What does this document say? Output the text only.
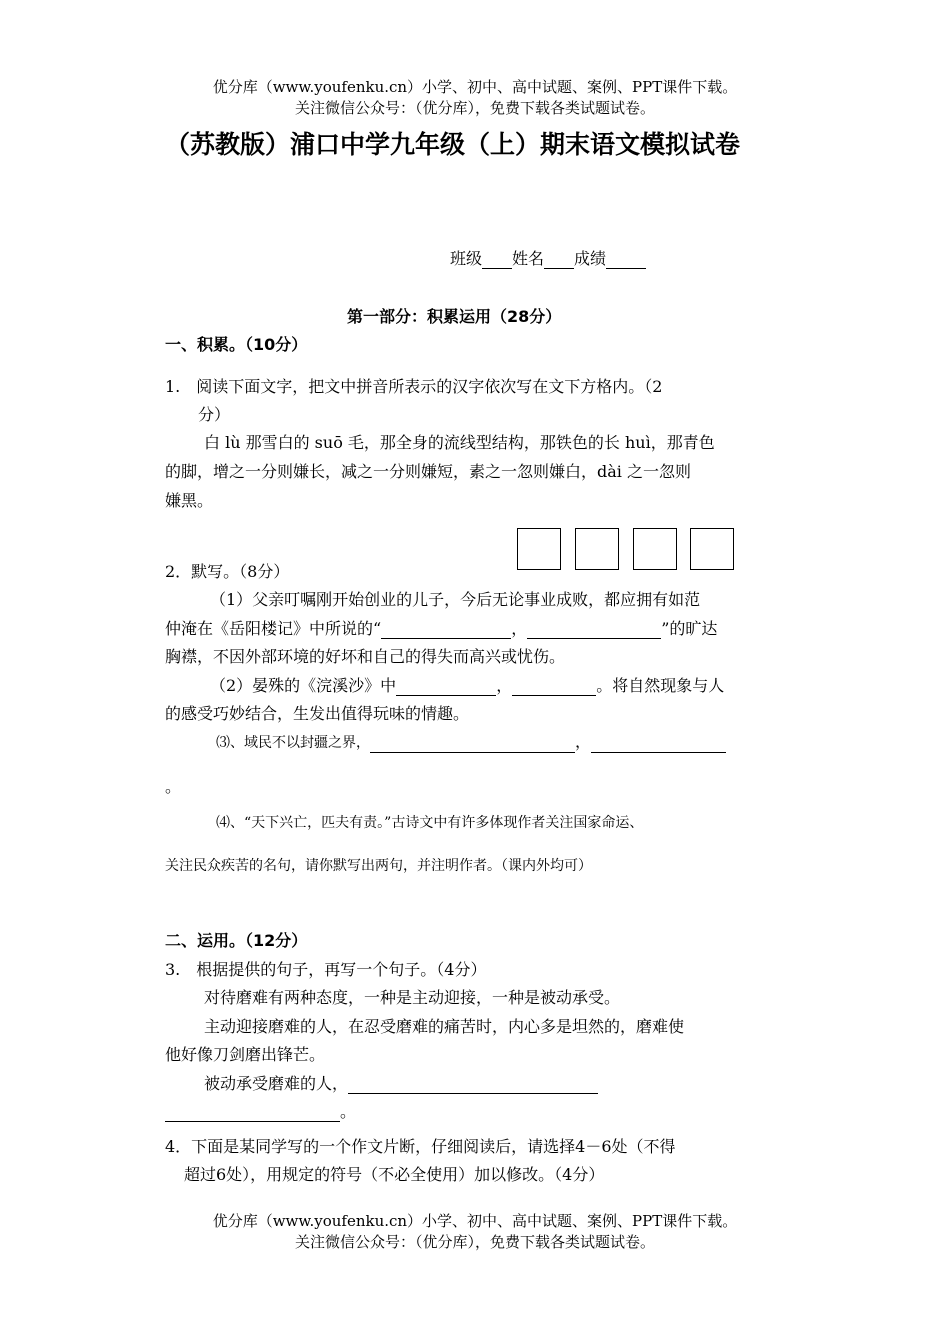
优分库（www.youfenku.cn）小学、初中、高中试题、案例、PPT课件下载。
关注微信公众号：（优分库），免费下载各类试题试卷。
（苏教版）浦口中学九年级（上）期末语文模拟试卷
班级 姓名 成绩
第一部分：积累运用（28分）
一、积累。（10分）
1.　阅读下面文字，把文中拼音所表示的汉字依次写在文下方格内。（2
分）
白 lù 那雪白的 suō 毛，那全身的流线型结构，那铁色的长 huì，那青色
的脚，增之一分则嫌长，减之一分则嫌短，素之一忽则嫌白，dài 之一忽则
嫌黑。
2．默写。（8分）
（1）父亲叮嘱刚开始创业的儿子，今后无论事业成败，都应拥有如范
仲淹在《岳阳楼记》中所说的“	，	”的旷达
胸襟，不因外部环境的好坏和自己的得失而高兴或忧伤。
（2）晏殊的《浣溪沙》中	，	。将自然现象与人
的感受巧妙结合，生发出值得玩味的情趣。
⑶、域民不以封疆之界，	，
。
⑷、“天下兴亡，匹夫有责。”古诗文中有许多体现作者关注国家命运、
关注民众疾苦的名句，请你默写出两句，并注明作者。（课内外均可）
二、运用。（12分）
3.　根据提供的句子，再写一个句子。（4分）
对待磨难有两种态度，一种是主动迎接，一种是被动承受。
主动迎接磨难的人，在忍受磨难的痛苦时，内心多是坦然的，磨难使
他好像刀剑磨出锋芒。
被动承受磨难的人，
。
4．下面是某同学写的一个作文片断，仔细阅读后，请选择4－6处（不得
超过6处），用规定的符号（不必全使用）加以修改。（4分）
优分库（www.youfenku.cn）小学、初中、高中试题、案例、PPT课件下载。
关注微信公众号：（优分库），免费下载各类试题试卷。
